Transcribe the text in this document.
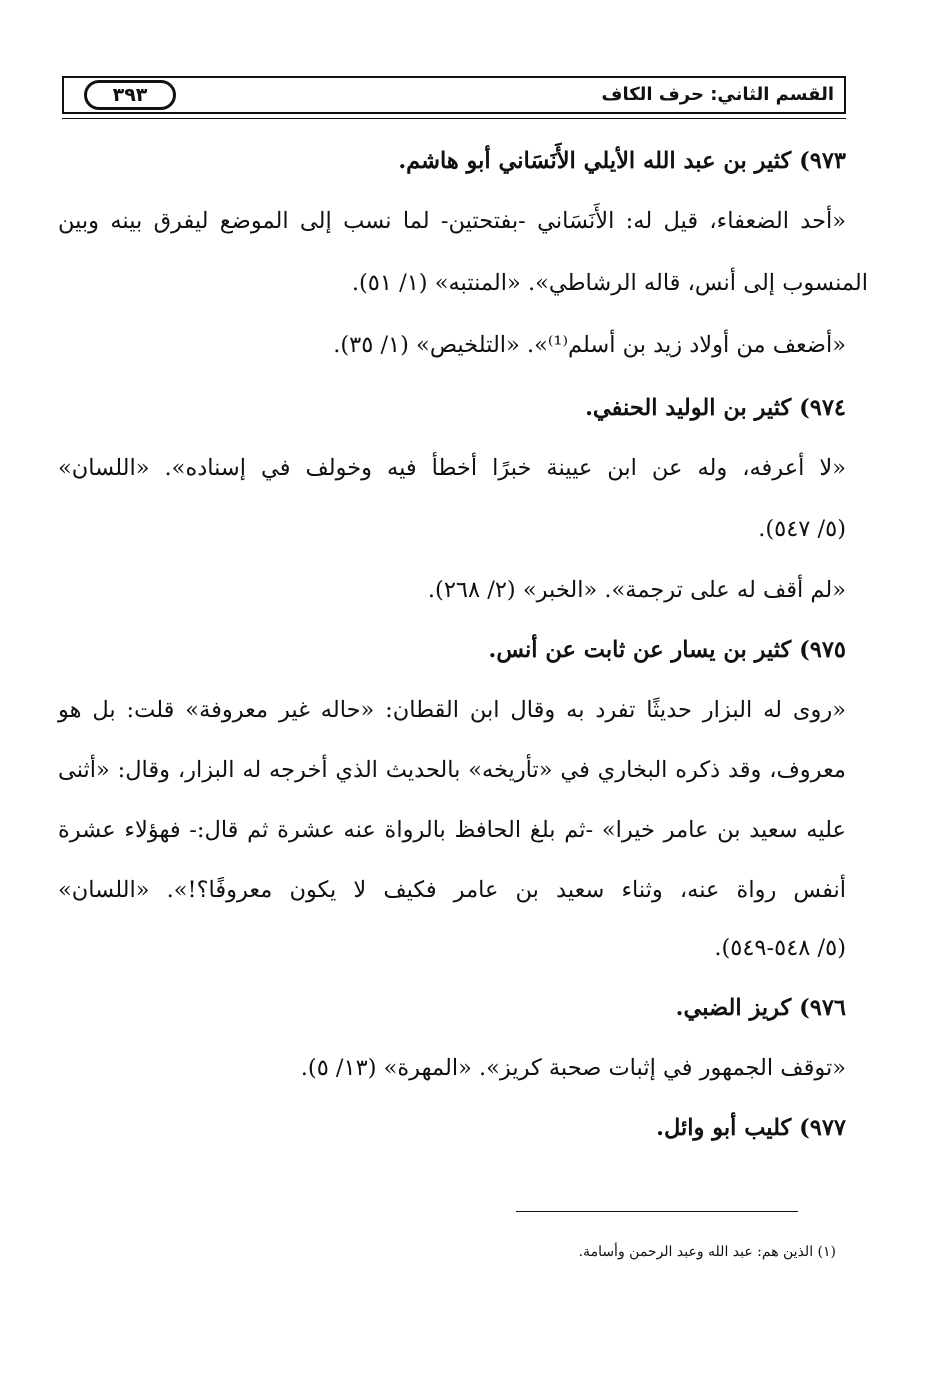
القسم الثاني: حرف الكاف
٣٩٣
٩٧٣) كثير بن عبد الله الأيلي الأَنَسَاني أبو هاشم.
«أحد الضعفاء، قيل له: الأَنَسَاني -بفتحتين- لما نسب إلى الموضع ليفرق بينه وبين
المنسوب إلى أنس، قاله الرشاطي». «المنتبه» (١/ ٥١).
«أضعف من أولاد زيد بن أسلم⁽¹⁾». «التلخيص» (١/ ٣٥).
٩٧٤) كثير بن الوليد الحنفي.
«لا أعرفه، وله عن ابن عيينة خبرًا أخطأ فيه وخولف في إسناده». «اللسان»
(٥/ ٥٤٧).
«لم أقف له على ترجمة». «الخبر» (٢/ ٢٦٨).
٩٧٥) كثير بن يسار عن ثابت عن أنس.
«روى له البزار حديثًا تفرد به وقال ابن القطان: «حاله غير معروفة» قلت: بل هو
معروف، وقد ذكره البخاري في «تأريخه» بالحديث الذي أخرجه له البزار، وقال: «أثنى
عليه سعيد بن عامر خيرا» -ثم بلغ الحافظ بالرواة عنه عشرة ثم قال:- فهؤلاء عشرة
أنفس رواة عنه، وثناء سعيد بن عامر فكيف لا يكون معروفًا؟!». «اللسان»
(٥/ ٥٤٨-٥٤٩).
٩٧٦) كريز الضبي.
«توقف الجمهور في إثبات صحبة كريز». «المهرة» (١٣/ ٥).
٩٧٧) كليب أبو وائل.
(١) الذين هم: عبد الله وعبد الرحمن وأسامة.
